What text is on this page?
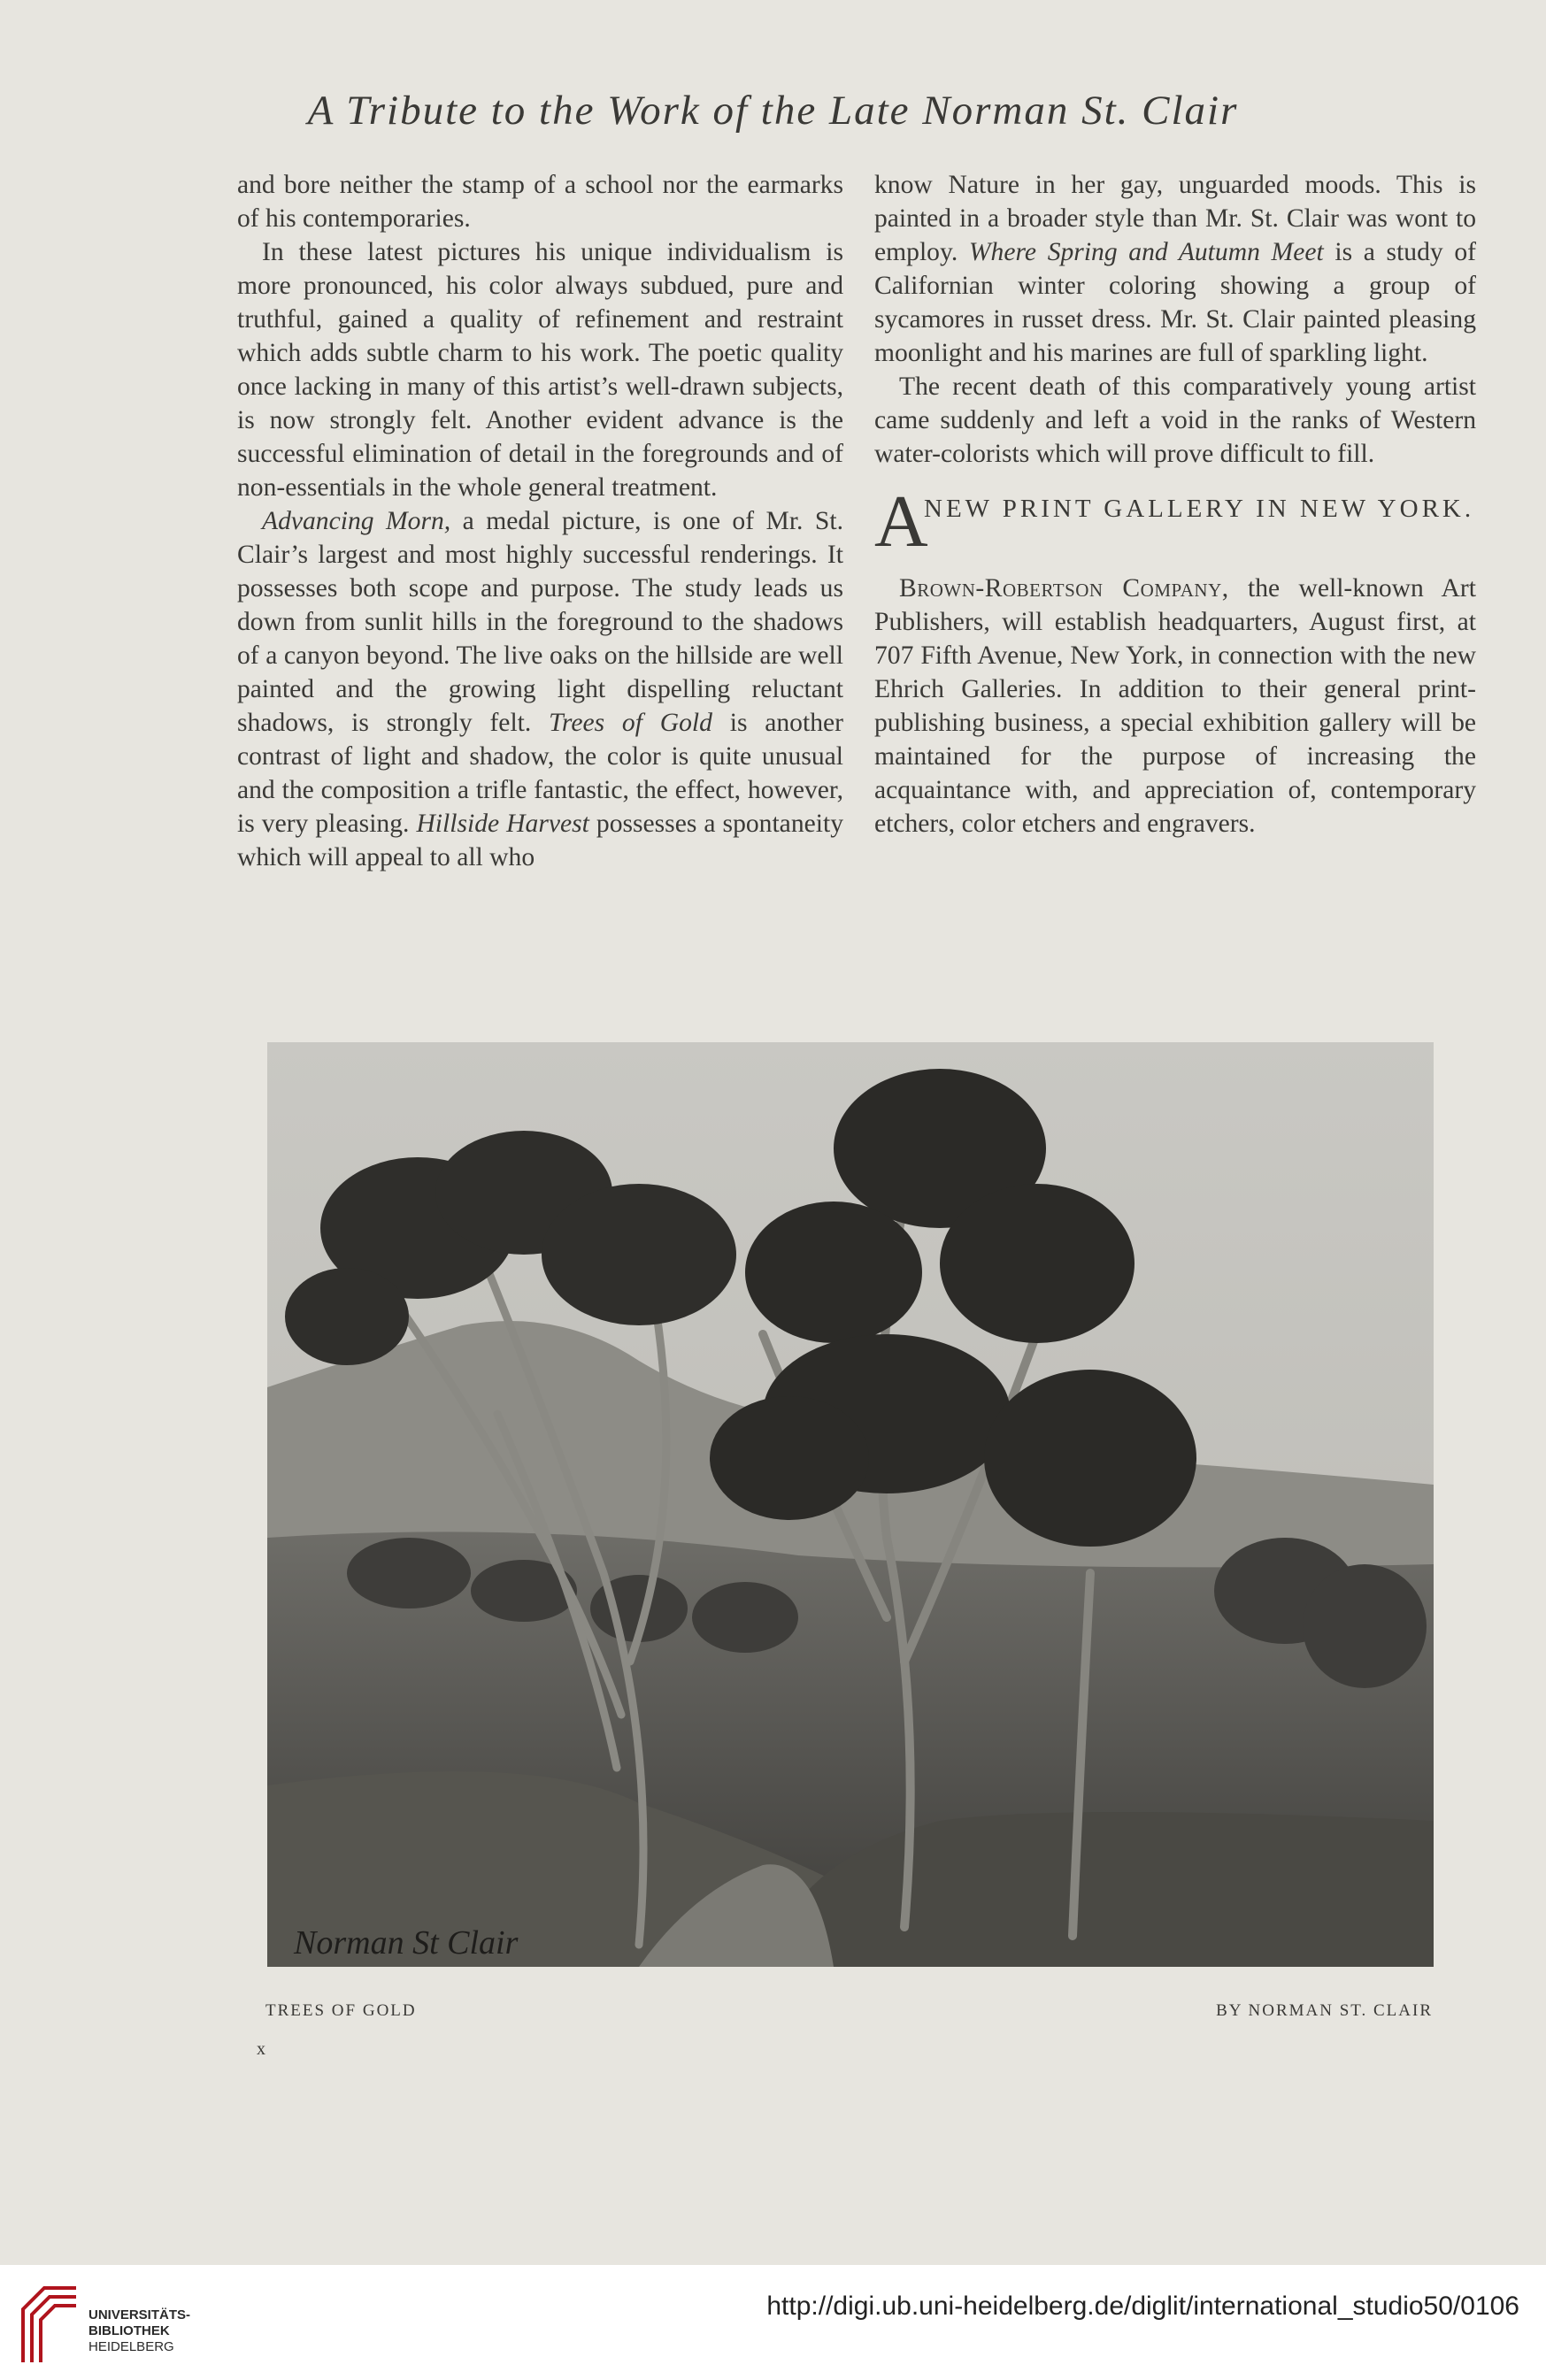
A Tribute to the Work of the Late Norman St. Clair

and bore neither the stamp of a school nor the earmarks of his contemporaries.

In these latest pictures his unique individualism is more pronounced, his color always subdued, pure and truthful, gained a quality of refinement and restraint which adds subtle charm to his work. The poetic quality once lacking in many of this artist’s well-drawn subjects, is now strongly felt. Another evident advance is the successful elimination of detail in the foregrounds and of non-essentials in the whole general treatment.

Advancing Morn, a medal picture, is one of Mr. St. Clair’s largest and most highly successful renderings. It possesses both scope and purpose. The study leads us down from sunlit hills in the foreground to the shadows of a canyon beyond. The live oaks on the hillside are well painted and the growing light dispelling reluctant shadows, is strongly felt. Trees of Gold is another contrast of light and shadow, the color is quite unusual and the composition a trifle fantastic, the effect, however, is very pleasing. Hillside Harvest possesses a spontaneity which will appeal to all who

know Nature in her gay, unguarded moods. This is painted in a broader style than Mr. St. Clair was wont to employ. Where Spring and Autumn Meet is a study of Californian winter coloring showing a group of sycamores in russet dress. Mr. St. Clair painted pleasing moonlight and his marines are full of sparkling light.

The recent death of this comparatively young artist came suddenly and left a void in the ranks of Western water-colorists which will prove difficult to fill.

A
NEW PRINT GALLERY IN NEW YORK.

Brown-Robertson Company, the well-known Art Publishers, will establish headquarters, August first, at 707 Fifth Avenue, New York, in connection with the new Ehrich Galleries. In addition to their general print-publishing business, a special exhibition gallery will be maintained for the purpose of increasing the acquaintance with, and appreciation of, contemporary etchers, color etchers and engravers.

Norman St Clair
TREES OF GOLD	BY NORMAN ST. CLAIR
x
UNIVERSITÄTS-
BIBLIOTHEK
HEIDELBERG
http://digi.ub.uni-heidelberg.de/diglit/international_studio50/0106
